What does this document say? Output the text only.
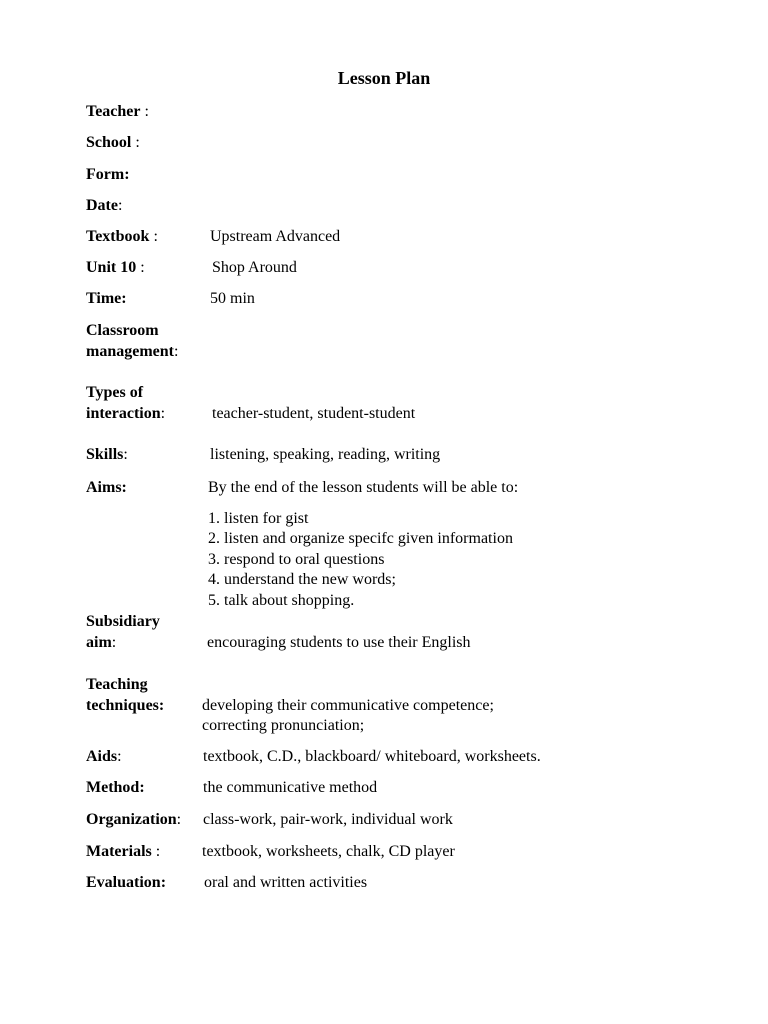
Lesson Plan
Teacher :
School :
Form:
Date:
Textbook :	Upstream Advanced
Unit 10 :	Shop Around
Time:	50 min
Classroom
management:
Types of
interaction:	teacher-student, student-student
Skills:	listening, speaking, reading, writing
Aims:	By the end of the lesson students will be able to:
1. listen for gist
2. listen and organize specifc given information
3. respond to oral questions
4. understand the new words;
5. talk about shopping.
Subsidiary
aim:	encouraging students to use their English
Teaching
techniques: developing their communicative competence;
correcting pronunciation;
Aids:	textbook, C.D., blackboard/ whiteboard, worksheets.
Method:	the communicative method
Organization: class-work, pair-work, individual work
Materials :	textbook, worksheets, chalk, CD player
Evaluation: oral and written activities
